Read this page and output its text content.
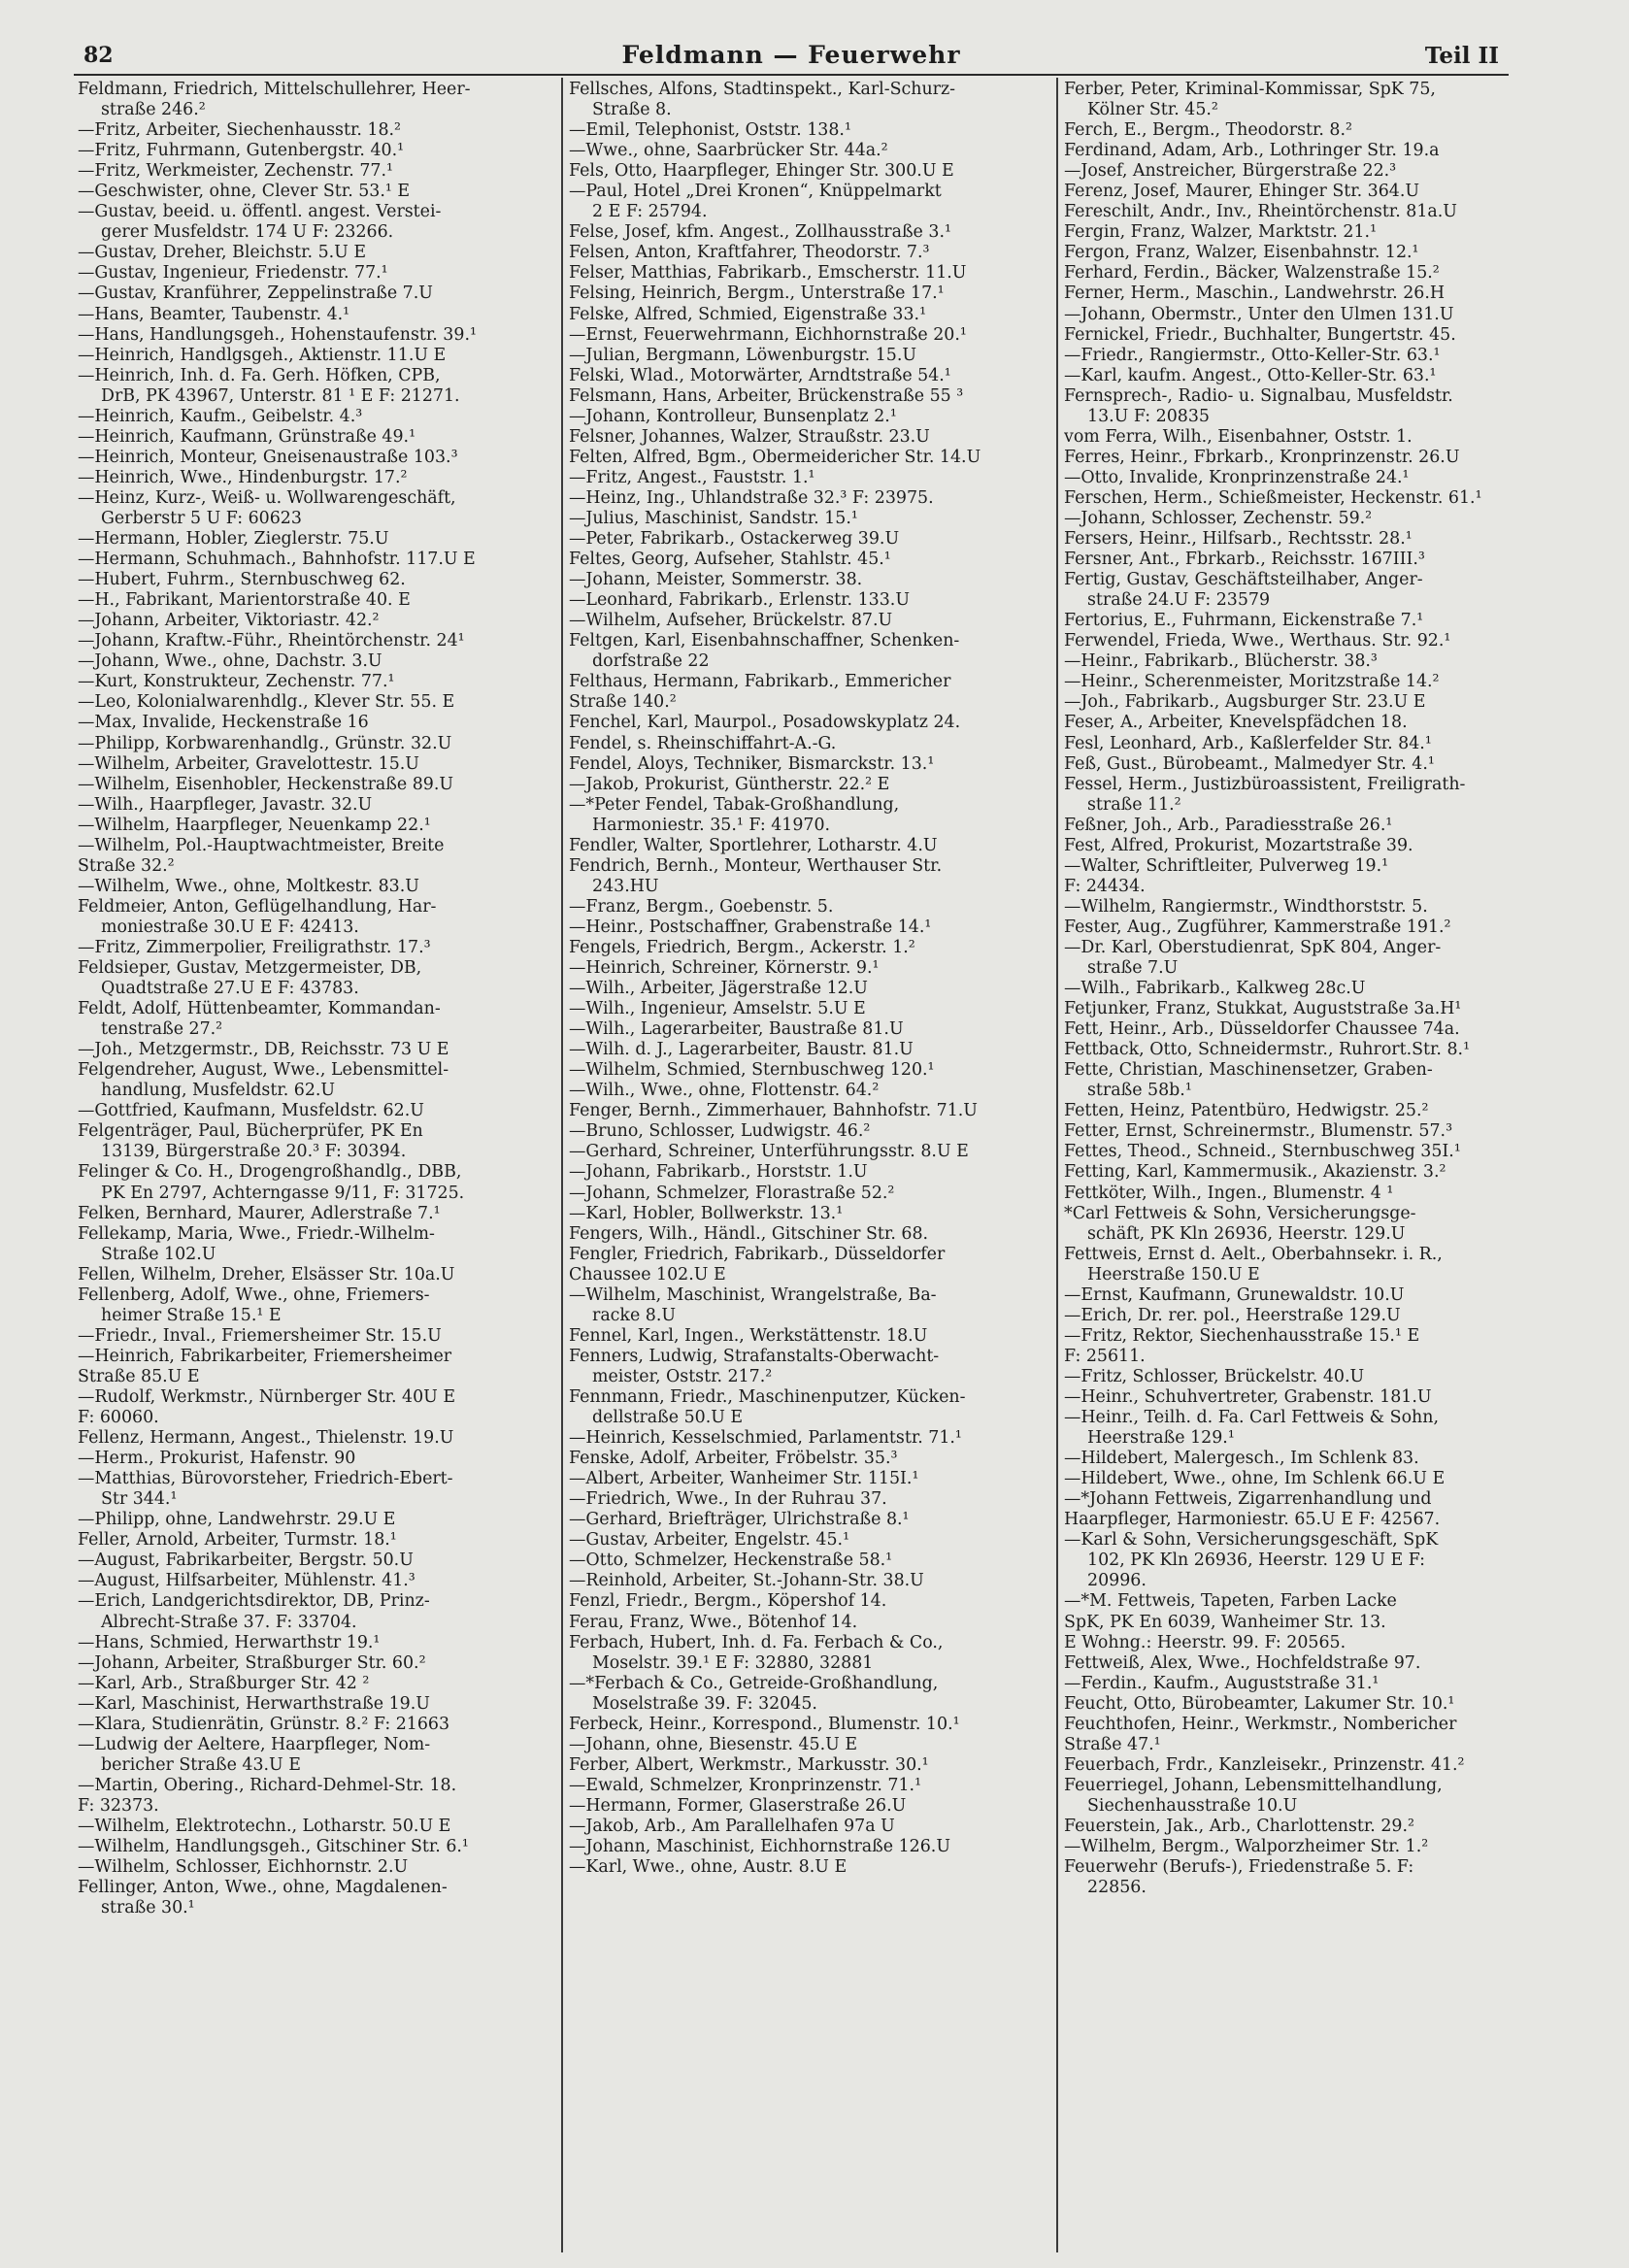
82	Feldmann — Feuerwehr	Teil II
Feldmann, Friedrich, Mittelschullehrer, Heer-
straße 246.²
—Fritz, Arbeiter, Siechenhausstr. 18.²
—Fritz, Fuhrmann, Gutenbergstr. 40.¹
—Fritz, Werkmeister, Zechenstr. 77.¹
—Geschwister, ohne, Clever Str. 53.¹ E
—Gustav, beeid. u. öffentl. angest. Verstei-
gerer Musfeldstr. 174 U F: 23266.
—Gustav, Dreher, Bleichstr. 5.U E
—Gustav, Ingenieur, Friedenstr. 77.¹
—Gustav, Kranführer, Zeppelinstraße 7.U
—Hans, Beamter, Taubenstr. 4.¹
—Hans, Handlungsgeh., Hohenstaufenstr. 39.¹
—Heinrich, Handlgsgeh., Aktienstr. 11.U E
—Heinrich, Inh. d. Fa. Gerh. Höfken, CPB,
DrB, PK 43967, Unterstr. 81 ¹ E F: 21271.
—Heinrich, Kaufm., Geibelstr. 4.³
—Heinrich, Kaufmann, Grünstraße 49.¹
—Heinrich, Monteur, Gneisenaustraße 103.³
—Heinrich, Wwe., Hindenburgstr. 17.²
—Heinz, Kurz-, Weiß- u. Wollwarengeschäft,
Gerberstr 5 U F: 60623
—Hermann, Hobler, Zieglerstr. 75.U
—Hermann, Schuhmach., Bahnhofstr. 117.U E
—Hubert, Fuhrm., Sternbuschweg 62.
—H., Fabrikant, Marientorstraße 40. E
—Johann, Arbeiter, Viktoriastr. 42.²
—Johann, Kraftw.-Führ., Rheintörchenstr. 24¹
—Johann, Wwe., ohne, Dachstr. 3.U
—Kurt, Konstrukteur, Zechenstr. 77.¹
—Leo, Kolonialwarenhdlg., Klever Str. 55. E
—Max, Invalide, Heckenstraße 16
—Philipp, Korbwarenhandlg., Grünstr. 32.U
—Wilhelm, Arbeiter, Gravelottestr. 15.U
—Wilhelm, Eisenhobler, Heckenstraße 89.U
—Wilh., Haarpfleger, Javastr. 32.U
—Wilhelm, Haarpfleger, Neuenkamp 22.¹
—Wilhelm, Pol.-Hauptwachtmeister, Breite
Straße 32.²
—Wilhelm, Wwe., ohne, Moltkestr. 83.U
Feldmeier, Anton, Geflügelhandlung, Har-
moniestraße 30.U E F: 42413.
—Fritz, Zimmerpolier, Freiligrathstr. 17.³
Feldsieper, Gustav, Metzgermeister, DB,
Quadtstraße 27.U E F: 43783.
Feldt, Adolf, Hüttenbeamter, Kommandan-
tenstraße 27.²
—Joh., Metzgermstr., DB, Reichsstr. 73 U E
Felgendreher, August, Wwe., Lebensmittel-
handlung, Musfeldstr. 62.U
—Gottfried, Kaufmann, Musfeldstr. 62.U
Felgenträger, Paul, Bücherprüfer, PK En
13139, Bürgerstraße 20.³ F: 30394.
Felinger & Co. H., Drogengroßhandlg., DBB,
PK En 2797, Achterngasse 9/11, F: 31725.
Felken, Bernhard, Maurer, Adlerstraße 7.¹
Fellekamp, Maria, Wwe., Friedr.-Wilhelm-
Straße 102.U
Fellen, Wilhelm, Dreher, Elsässer Str. 10a.U
Fellenberg, Adolf, Wwe., ohne, Friemers-
heimer Straße 15.¹ E
—Friedr., Inval., Friemersheimer Str. 15.U
—Heinrich, Fabrikarbeiter, Friemersheimer
Straße 85.U E
—Rudolf, Werkmstr., Nürnberger Str. 40U E
F: 60060.
Fellenz, Hermann, Angest., Thielenstr. 19.U
—Herm., Prokurist, Hafenstr. 90
—Matthias, Bürovorsteher, Friedrich-Ebert-
Str 344.¹
—Philipp, ohne, Landwehrstr. 29.U E
Feller, Arnold, Arbeiter, Turmstr. 18.¹
—August, Fabrikarbeiter, Bergstr. 50.U
—August, Hilfsarbeiter, Mühlenstr. 41.³
—Erich, Landgerichtsdirektor, DB, Prinz-
Albrecht-Straße 37. F: 33704.
—Hans, Schmied, Herwarthstr 19.¹
—Johann, Arbeiter, Straßburger Str. 60.²
—Karl, Arb., Straßburger Str. 42 ²
—Karl, Maschinist, Herwarthstraße 19.U
—Klara, Studienrätin, Grünstr. 8.² F: 21663
—Ludwig der Aeltere, Haarpfleger, Nom-
bericher Straße 43.U E
—Martin, Obering., Richard-Dehmel-Str. 18.
F: 32373.
—Wilhelm, Elektrotechn., Lotharstr. 50.U E
—Wilhelm, Handlungsgeh., Gitschiner Str. 6.¹
—Wilhelm, Schlosser, Eichhornstr. 2.U
Fellinger, Anton, Wwe., ohne, Magdalenen-
straße 30.¹
Fellsches, Alfons, Stadtinspekt., Karl-Schurz-
Straße 8.
—Emil, Telephonist, Oststr. 138.¹
—Wwe., ohne, Saarbrücker Str. 44a.²
Fels, Otto, Haarpfleger, Ehinger Str. 300.U E
—Paul, Hotel „Drei Kronen“, Knüppelmarkt
2 E F: 25794.
Felse, Josef, kfm. Angest., Zollhausstraße 3.¹
Felsen, Anton, Kraftfahrer, Theodorstr. 7.³
Felser, Matthias, Fabrikarb., Emscherstr. 11.U
Felsing, Heinrich, Bergm., Unterstraße 17.¹
Felske, Alfred, Schmied, Eigenstraße 33.¹
—Ernst, Feuerwehrmann, Eichhornstraße 20.¹
—Julian, Bergmann, Löwenburgstr. 15.U
Felski, Wlad., Motorwärter, Arndtstraße 54.¹
Felsmann, Hans, Arbeiter, Brückenstraße 55 ³
—Johann, Kontrolleur, Bunsenplatz 2.¹
Felsner, Johannes, Walzer, Straußstr. 23.U
Felten, Alfred, Bgm., Obermeidericher Str. 14.U
—Fritz, Angest., Fauststr. 1.¹
—Heinz, Ing., Uhlandstraße 32.³ F: 23975.
—Julius, Maschinist, Sandstr. 15.¹
—Peter, Fabrikarb., Ostackerweg 39.U
Feltes, Georg, Aufseher, Stahlstr. 45.¹
—Johann, Meister, Sommerstr. 38.
—Leonhard, Fabrikarb., Erlenstr. 133.U
—Wilhelm, Aufseher, Brückelstr. 87.U
Feltgen, Karl, Eisenbahnschaffner, Schenken-
dorfstraße 22
Felthaus, Hermann, Fabrikarb., Emmericher
Straße 140.²
Fenchel, Karl, Maurpol., Posadowskyplatz 24.
Fendel, s. Rheinschiffahrt-A.-G.
Fendel, Aloys, Techniker, Bismarckstr. 13.¹
—Jakob, Prokurist, Güntherstr. 22.² E
—*Peter Fendel, Tabak-Großhandlung,
Harmoniestr. 35.¹ F: 41970.
Fendler, Walter, Sportlehrer, Lotharstr. 4.U
Fendrich, Bernh., Monteur, Werthauser Str.
243.HU
—Franz, Bergm., Goebenstr. 5.
—Heinr., Postschaffner, Grabenstraße 14.¹
Fengels, Friedrich, Bergm., Ackerstr. 1.²
—Heinrich, Schreiner, Körnerstr. 9.¹
—Wilh., Arbeiter, Jägerstraße 12.U
—Wilh., Ingenieur, Amselstr. 5.U E
—Wilh., Lagerarbeiter, Baustraße 81.U
—Wilh. d. J., Lagerarbeiter, Baustr. 81.U
—Wilhelm, Schmied, Sternbuschweg 120.¹
—Wilh., Wwe., ohne, Flottenstr. 64.²
Fenger, Bernh., Zimmerhauer, Bahnhofstr. 71.U
—Bruno, Schlosser, Ludwigstr. 46.²
—Gerhard, Schreiner, Unterführungsstr. 8.U E
—Johann, Fabrikarb., Horststr. 1.U
—Johann, Schmelzer, Florastraße 52.²
—Karl, Hobler, Bollwerkstr. 13.¹
Fengers, Wilh., Händl., Gitschiner Str. 68.
Fengler, Friedrich, Fabrikarb., Düsseldorfer
Chaussee 102.U E
—Wilhelm, Maschinist, Wrangelstraße, Ba-
racke 8.U
Fennel, Karl, Ingen., Werkstättenstr. 18.U
Fenners, Ludwig, Strafanstalts-Oberwacht-
meister, Oststr. 217.²
Fennmann, Friedr., Maschinenputzer, Kücken-
dellstraße 50.U E
—Heinrich, Kesselschmied, Parlamentstr. 71.¹
Fenske, Adolf, Arbeiter, Fröbelstr. 35.³
—Albert, Arbeiter, Wanheimer Str. 115I.¹
—Friedrich, Wwe., In der Ruhrau 37.
—Gerhard, Briefträger, Ulrichstraße 8.¹
—Gustav, Arbeiter, Engelstr. 45.¹
—Otto, Schmelzer, Heckenstraße 58.¹
—Reinhold, Arbeiter, St.-Johann-Str. 38.U
Fenzl, Friedr., Bergm., Köpershof 14.
Ferau, Franz, Wwe., Bötenhof 14.
Ferbach, Hubert, Inh. d. Fa. Ferbach & Co.,
Moselstr. 39.¹ E F: 32880, 32881
—*Ferbach & Co., Getreide-Großhandlung,
Moselstraße 39. F: 32045.
Ferbeck, Heinr., Korrespond., Blumenstr. 10.¹
—Johann, ohne, Biesenstr. 45.U E
Ferber, Albert, Werkmstr., Markusstr. 30.¹
—Ewald, Schmelzer, Kronprinzenstr. 71.¹
—Hermann, Former, Glaserstraße 26.U
—Jakob, Arb., Am Parallelhafen 97a U
—Johann, Maschinist, Eichhornstraße 126.U
—Karl, Wwe., ohne, Austr. 8.U E
Ferber, Peter, Kriminal-Kommissar, SpK 75,
Kölner Str. 45.²
Ferch, E., Bergm., Theodorstr. 8.²
Ferdinand, Adam, Arb., Lothringer Str. 19.a
—Josef, Anstreicher, Bürgerstraße 22.³
Ferenz, Josef, Maurer, Ehinger Str. 364.U
Fereschilt, Andr., Inv., Rheintörchenstr. 81a.U
Fergin, Franz, Walzer, Marktstr. 21.¹
Fergon, Franz, Walzer, Eisenbahnstr. 12.¹
Ferhard, Ferdin., Bäcker, Walzenstraße 15.²
Ferner, Herm., Maschin., Landwehrstr. 26.H
—Johann, Obermstr., Unter den Ulmen 131.U
Fernickel, Friedr., Buchhalter, Bungertstr. 45.
—Friedr., Rangiermstr., Otto-Keller-Str. 63.¹
—Karl, kaufm. Angest., Otto-Keller-Str. 63.¹
Fernsprech-, Radio- u. Signalbau, Musfeldstr.
13.U F: 20835
vom Ferra, Wilh., Eisenbahner, Oststr. 1.
Ferres, Heinr., Fbrkarb., Kronprinzenstr. 26.U
—Otto, Invalide, Kronprinzenstraße 24.¹
Ferschen, Herm., Schießmeister, Heckenstr. 61.¹
—Johann, Schlosser, Zechenstr. 59.²
Fersers, Heinr., Hilfsarb., Rechtsstr. 28.¹
Fersner, Ant., Fbrkarb., Reichsstr. 167III.³
Fertig, Gustav, Geschäftsteilhaber, Anger-
straße 24.U F: 23579
Fertorius, E., Fuhrmann, Eickenstraße 7.¹
Ferwendel, Frieda, Wwe., Werthaus. Str. 92.¹
—Heinr., Fabrikarb., Blücherstr. 38.³
—Heinr., Scherenmeister, Moritzstraße 14.²
—Joh., Fabrikarb., Augsburger Str. 23.U E
Feser, A., Arbeiter, Knevelspfädchen 18.
Fesl, Leonhard, Arb., Kaßlerfelder Str. 84.¹
Feß, Gust., Bürobeamt., Malmedyer Str. 4.¹
Fessel, Herm., Justizbüroassistent, Freiligrath-
straße 11.²
Feßner, Joh., Arb., Paradiesstraße 26.¹
Fest, Alfred, Prokurist, Mozartstraße 39.
—Walter, Schriftleiter, Pulverweg 19.¹
F: 24434.
—Wilhelm, Rangiermstr., Windthorststr. 5.
Fester, Aug., Zugführer, Kammerstraße 191.²
—Dr. Karl, Oberstudienrat, SpK 804, Anger-
straße 7.U
—Wilh., Fabrikarb., Kalkweg 28c.U
Fetjunker, Franz, Stukkat, Auguststraße 3a.H¹
Fett, Heinr., Arb., Düsseldorfer Chaussee 74a.
Fettback, Otto, Schneidermstr., Ruhrort.Str. 8.¹
Fette, Christian, Maschinensetzer, Graben-
straße 58b.¹
Fetten, Heinz, Patentbüro, Hedwigstr. 25.²
Fetter, Ernst, Schreinermstr., Blumenstr. 57.³
Fettes, Theod., Schneid., Sternbuschweg 35I.¹
Fetting, Karl, Kammermusik., Akazienstr. 3.²
Fettköter, Wilh., Ingen., Blumenstr. 4 ¹
*Carl Fettweis & Sohn, Versicherungsge-
schäft, PK Kln 26936, Heerstr. 129.U
Fettweis, Ernst d. Aelt., Oberbahnsekr. i. R.,
Heerstraße 150.U E
—Ernst, Kaufmann, Grunewaldstr. 10.U
—Erich, Dr. rer. pol., Heerstraße 129.U
—Fritz, Rektor, Siechenhausstraße 15.¹ E
F: 25611.
—Fritz, Schlosser, Brückelstr. 40.U
—Heinr., Schuhvertreter, Grabenstr. 181.U
—Heinr., Teilh. d. Fa. Carl Fettweis & Sohn,
Heerstraße 129.¹
—Hildebert, Malergesch., Im Schlenk 83.
—Hildebert, Wwe., ohne, Im Schlenk 66.U E
—*Johann Fettweis, Zigarrenhandlung und
Haarpfleger, Harmoniestr. 65.U E F: 42567.
—Karl & Sohn, Versicherungsgeschäft, SpK
102, PK Kln 26936, Heerstr. 129 U E F:
20996.
—*M. Fettweis, Tapeten, Farben Lacke
SpK, PK En 6039, Wanheimer Str. 13.
E Wohng.: Heerstr. 99. F: 20565.
Fettweiß, Alex, Wwe., Hochfeldstraße 97.
—Ferdin., Kaufm., Auguststraße 31.¹
Feucht, Otto, Bürobeamter, Lakumer Str. 10.¹
Feuchthofen, Heinr., Werkmstr., Nombericher
Straße 47.¹
Feuerbach, Frdr., Kanzleisekr., Prinzenstr. 41.²
Feuerriegel, Johann, Lebensmittelhandlung,
Siechenhausstraße 10.U
Feuerstein, Jak., Arb., Charlottenstr. 29.²
—Wilhelm, Bergm., Walporzheimer Str. 1.²
Feuerwehr (Berufs-), Friedenstraße 5. F:
22856.
